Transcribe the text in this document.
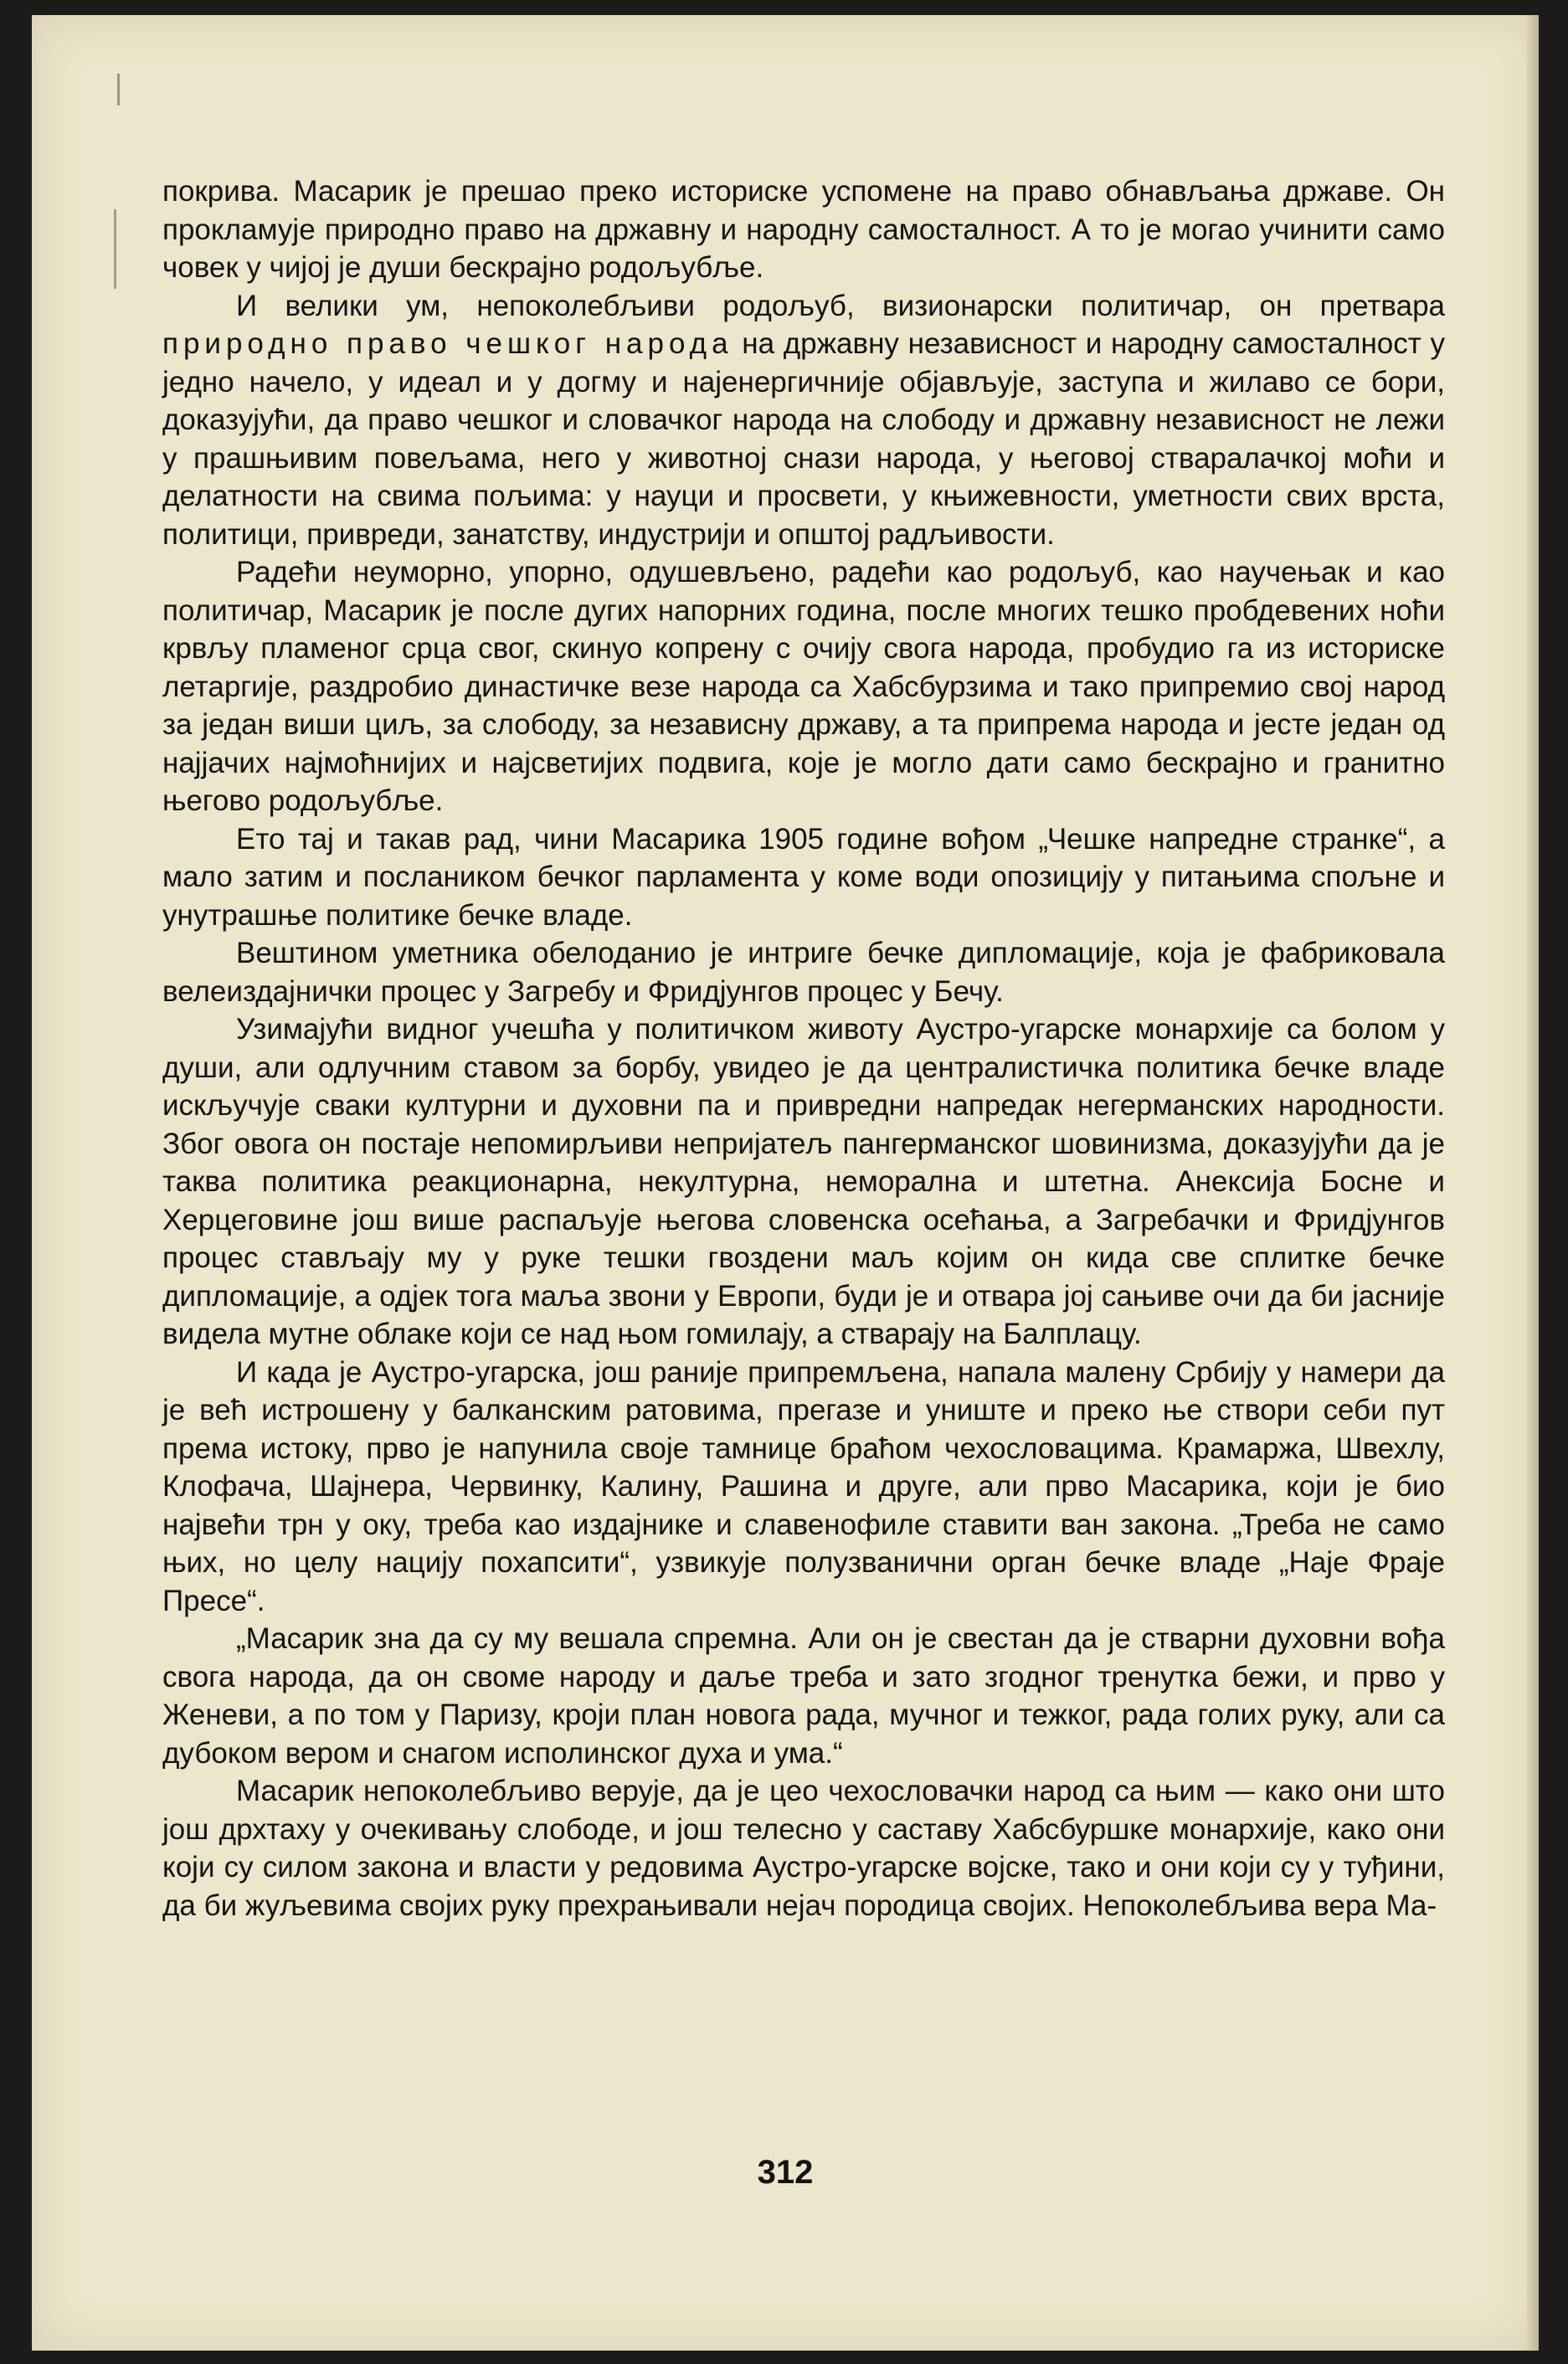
покрива. Масарик је прешао преко историске успомене на право обнављања државе. Он прокламује природно право на државну и народну самосталност. А то је могао учинити само човек у чијој је души бескрајно родољубље.

И велики ум, непоколебљиви родољуб, визионарски политичар, он претвара природно право чешког народа на државну независност и народну самосталност у једно начело, у идеал и у догму и најенергичније објављује, заступа и жилаво се бори, доказујући, да право чешког и словачког народа на слободу и државну независност не лежи у прашњивим повељама, него у животној снази народа, у његовој стваралачкој моћи и делатности на свима пољима: у науци и просвети, у књижевности, уметности свих врста, политици, привреди, занатству, индустрији и општој радљивости.

Радећи неуморно, упорно, одушевљено, радећи као родољуб, као научењак и као политичар, Масарик је после дугих напорних година, после многих тешко пробдевених ноћи крвљу пламеног срца свог, скинуо копрену с очију свога народа, пробудио га из историске летаргије, раздробио династичке везе народа са Хабсбурзима и тако припремио свој народ за један виши циљ, за слободу, за независну државу, а та припрема народа и јесте један од најјачих најмоћнијих и најсветијих подвига, које је могло дати само бескрајно и гранитно његово родољубље.

Ето тај и такав рад, чини Масарика 1905 године вођом „Чешке напредне странке“, а мало затим и послаником бечког парламента у коме води опозицију у питањима спољне и унутрашње политике бечке владе.

Вештином уметника обелоданио је интриге бечке дипломације, која је фабриковала велеиздајнички процес у Загребу и Фридјунгов процес у Бечу.

Узимајући видног учешћа у политичком животу Аустро-угарске монархије са болом у души, али одлучним ставом за борбу, увидео је да централистичка политика бечке владе искључује сваки културни и духовни па и привредни напредак негерманских народности. Због овога он постаје непомирљиви непријатељ пангерманског шовинизма, доказујући да је таква политика реакционарна, некултурна, неморална и штетна. Анексија Босне и Херцеговине још више распаљује његова словенска осећања, а Загребачки и Фридјунгов процес стављају му у руке тешки гвоздени маљ којим он кида све сплитке бечке дипломације, а одјек тога маља звони у Европи, буди је и отвара јој сањиве очи да би јасније видела мутне облаке који се над њом гомилају, а стварају на Балплацу.

И када је Аустро-угарска, још раније припремљена, напала малену Србију у намери да је већ истрошену у балканским ратовима, прегазе и униште и преко ње створи себи пут према истоку, прво је напунила своје тамнице браћом чехословацима. Крамаржа, Швехлу, Клофача, Шајнера, Червинку, Калину, Рашина и друге, али прво Масарика, који је био највећи трн у оку, треба као издајнике и славенофиле ставити ван закона. „Треба не само њих, но целу нацију похапсити“, узвикује полузванични орган бечке владе „Најe Фраје Пресе“.

„Масарик зна да су му вешала спремна. Али он је свестан да је стварни духовни вођа свога народа, да он своме народу и даље треба и зато згодног тренутка бежи, и прво у Женеви, а по том у Паризу, кроји план новога рада, мучног и тежког, рада голих руку, али са дубоком вером и снагом исполинског духа и ума.“

Масарик непоколебљиво верује, да је цео чехословачки народ са њим — како они што још дрхтаху у очекивању слободе, и још телесно у саставу Хабсбуршке монархије, како они који су силом закона и власти у редовима Аустро-угарске војске, тако и они који су у туђини, да би жуљевима својих руку прехрањивали нејач породица својих. Непоколебљива вера Ма-

312
